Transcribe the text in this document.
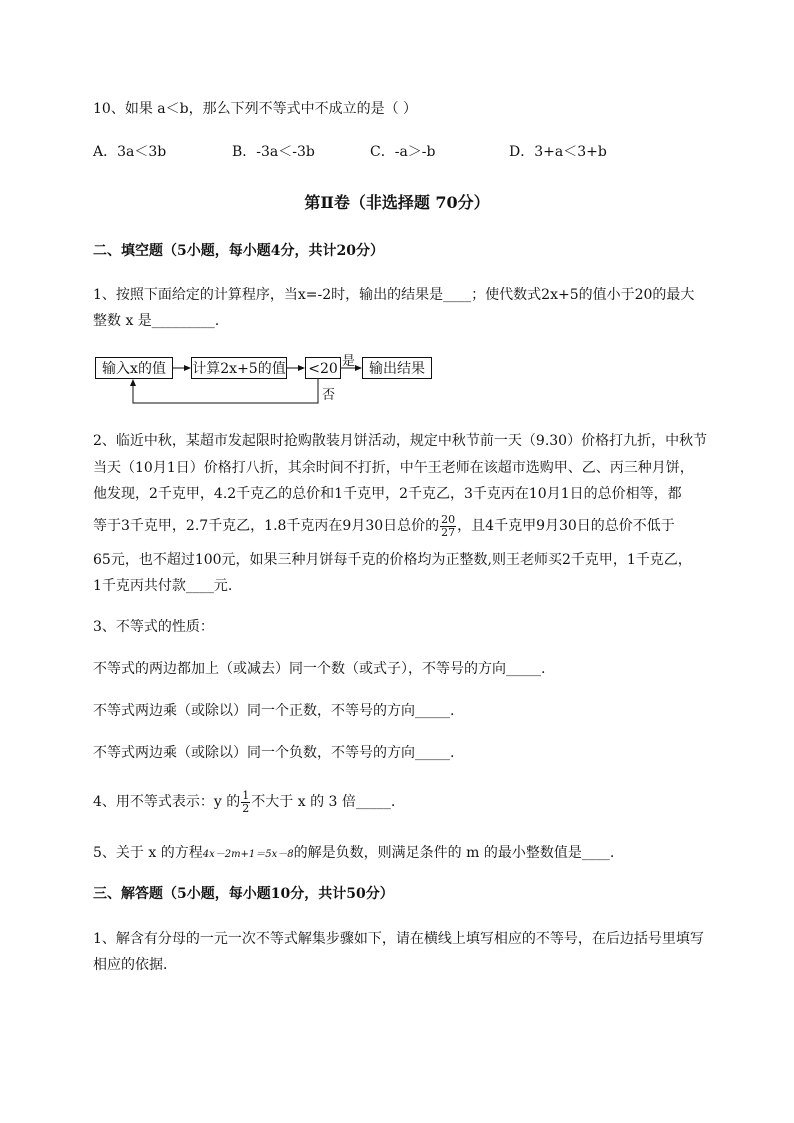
10、如果 a＜b，那么下列不等式中不成立的是（ ）
A．3a＜3b	B．-3a＜-3b	C．-a＞-b	D．3+a＜3+b
第Ⅱ卷（非选择题 70分）
二、填空题（5小题，每小题4分，共计20分）
1、按照下面给定的计算程序，当x=-2时，输出的结果是____；使代数式2x+5的值小于20的最大
整数 x 是_________.
输入x的值	计算2x+5的值 <20	输出结果
是
否
2、临近中秋，某超市发起限时抢购散装月饼活动，规定中秋节前一天（9.30）价格打九折，中秋节
当天（10月1日）价格打八折，其余时间不打折，中午王老师在该超市选购甲、乙、丙三种月饼，
他发现，2千克甲，4.2千克乙的总价和1千克甲，2千克乙，3千克丙在10月1日的总价相等，都
等于3千克甲，2.7千克乙，1.8千克丙在9月30日总价的 $\frac{20}{27}$ ，且4千克甲9月30日的总价不低于
65元，也不超过100元，如果三种月饼每千克的价格均为正整数,则王老师买2千克甲，1千克乙，
1千克丙共付款____元.
3、不等式的性质：
不等式的两边都加上（或减去）同一个数（或式子），不等号的方向_____.
不等式两边乘（或除以）同一个正数，不等号的方向_____.
不等式两边乘（或除以）同一个负数，不等号的方向_____.
4、用不等式表示：y 的 $\frac{1}{2}$ 不大于 x 的 3 倍_____.
5、关于 x 的方程4x－2m+1＝5x－8的解是负数，则满足条件的 m 的最小整数值是____.
三、解答题（5小题，每小题10分，共计50分）
1、解含有分母的一元一次不等式解集步骤如下，请在横线上填写相应的不等号，在后边括号里填写
相应的依据．
